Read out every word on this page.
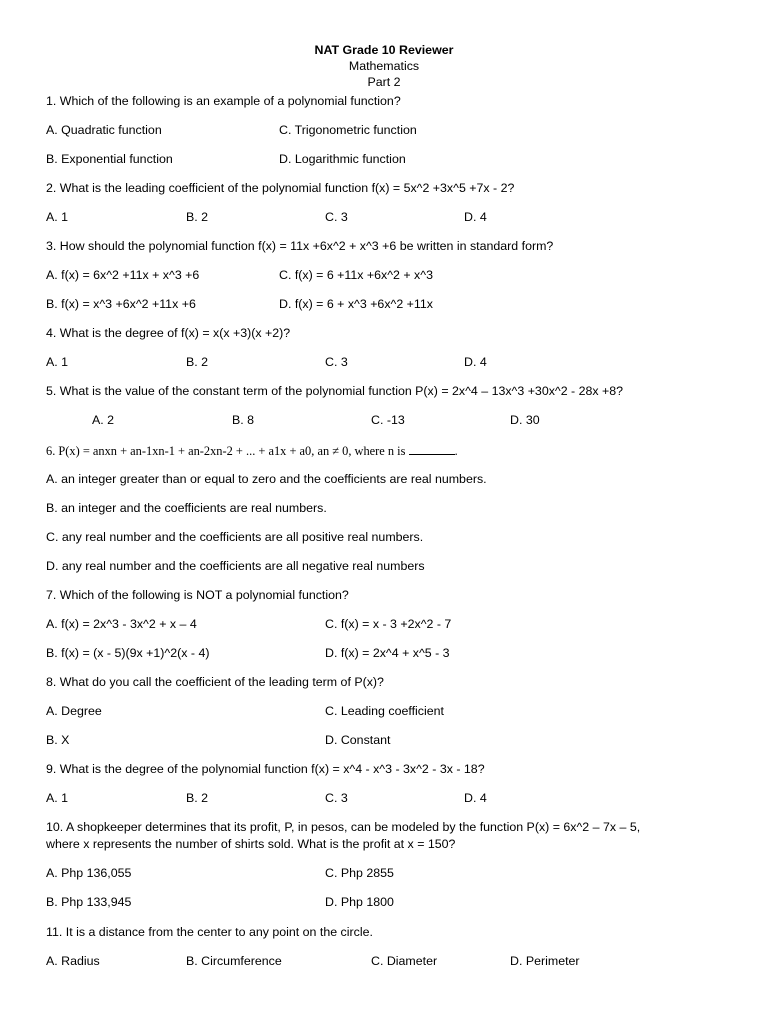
NAT Grade 10 Reviewer
Mathematics
Part 2
1. Which of the following is an example of a polynomial function?
A. Quadratic function	C. Trigonometric function
B. Exponential function	D. Logarithmic function
2. What is the leading coefficient of the polynomial function f(x) = 5x^2 +3x^5 +7x - 2?
A. 1	B. 2	C. 3	D. 4
3. How should the polynomial function f(x) = 11x +6x^2 + x^3 +6 be written in standard form?
A. f(x) = 6x^2 +11x + x^3 +6	C. f(x) = 6 +11x +6x^2 + x^3
B. f(x) = x^3 +6x^2 +11x +6	D. f(x) = 6 + x^3 +6x^2 +11x
4. What is the degree of f(x) = x(x +3)(x +2)?
A. 1	B. 2	C. 3	D. 4
5. What is the value of the constant term of the polynomial function P(x) = 2x^4 – 13x^3 +30x^2 - 28x +8?
A. 2	B. 8	C. -13	D. 30
6. P(x) = anxn + an-1xn-1 + an-2xn-2 + ... + a1x + a0, an ≠ 0, where n is	.
A. an integer greater than or equal to zero and the coefficients are real numbers.
B. an integer and the coefficients are real numbers.
C. any real number and the coefficients are all positive real numbers.
D. any real number and the coefficients are all negative real numbers
7. Which of the following is NOT a polynomial function?
A. f(x) = 2x^3 - 3x^2 + x – 4	C. f(x) = x - 3 +2x^2 - 7
B. f(x) = (x - 5)(9x +1)^2(x - 4)	D. f(x) = 2x^4 + x^5 - 3
8. What do you call the coefficient of the leading term of P(x)?
A. Degree	C. Leading coefficient
B. X	D. Constant
9. What is the degree of the polynomial function f(x) = x^4 - x^3 - 3x^2 - 3x - 18?
A. 1	B. 2	C. 3	D. 4
10. A shopkeeper determines that its profit, P, in pesos, can be modeled by the function P(x) = 6x^2 – 7x – 5,
where x represents the number of shirts sold. What is the profit at x = 150?
A. Php 136,055	C. Php 2855
B. Php 133,945	D. Php 1800
11. It is a distance from the center to any point on the circle.
A. Radius	B. Circumference	C. Diameter	D. Perimeter
